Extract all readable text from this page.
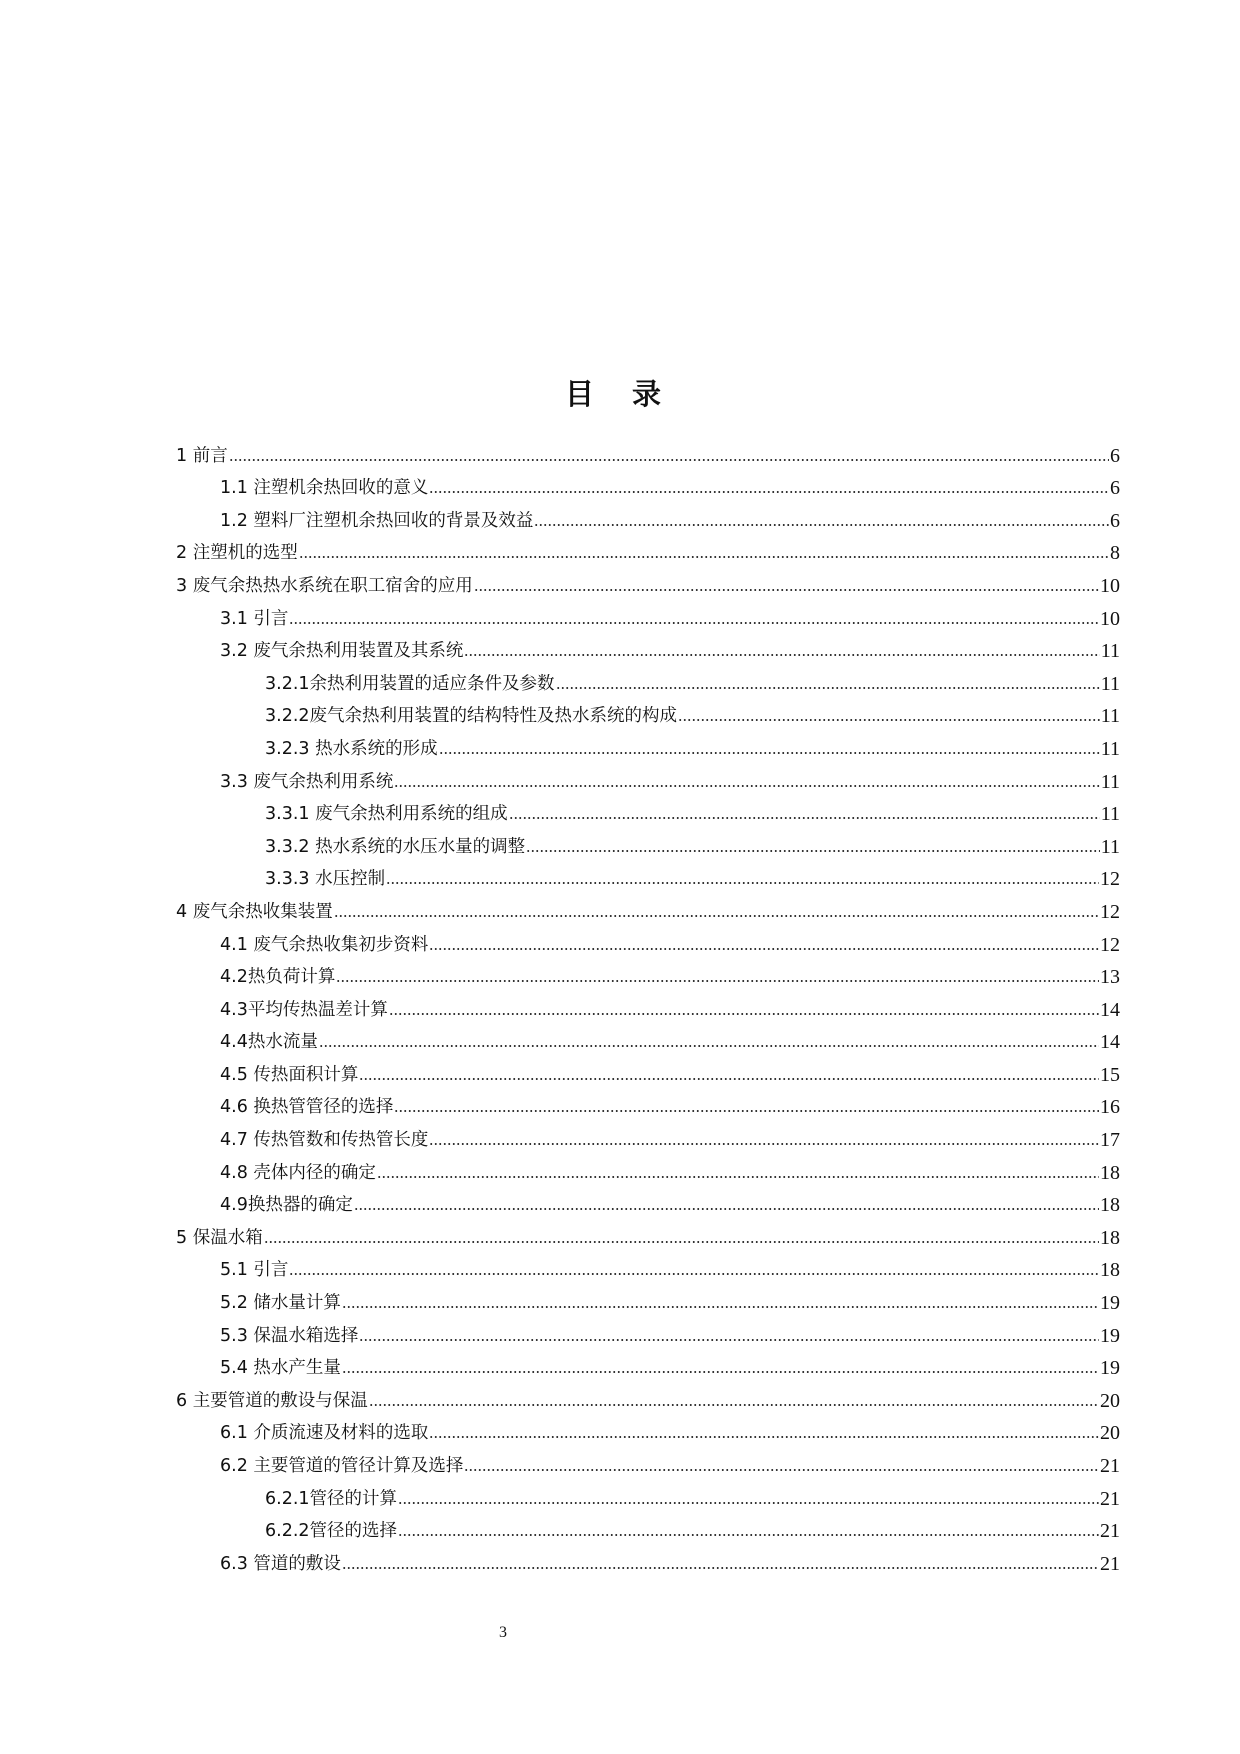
目 录
1 前言	6
1.1 注塑机余热回收的意义	6
1.2 塑料厂注塑机余热回收的背景及效益	6
2 注塑机的选型	8
3 废气余热热水系统在职工宿舍的应用	10
3.1 引言	10
3.2 废气余热利用装置及其系统	11
3.2.1余热利用装置的适应条件及参数	11
3.2.2废气余热利用装置的结构特性及热水系统的构成	11
3.2.3 热水系统的形成	11
3.3 废气余热利用系统	11
3.3.1 废气余热利用系统的组成	11
3.3.2 热水系统的水压水量的调整	11
3.3.3 水压控制	12
4 废气余热收集装置	12
4.1 废气余热收集初步资料	12
4.2热负荷计算	13
4.3平均传热温差计算	14
4.4热水流量	14
4.5 传热面积计算	15
4.6 换热管管径的选择	16
4.7 传热管数和传热管长度	17
4.8 壳体内径的确定	18
4.9换热器的确定	18
5 保温水箱	18
5.1 引言	18
5.2 储水量计算	19
5.3 保温水箱选择	19
5.4 热水产生量	19
6 主要管道的敷设与保温	20
6.1 介质流速及材料的选取	20
6.2 主要管道的管径计算及选择	21
6.2.1管径的计算	21
6.2.2管径的选择	21
6.3 管道的敷设	21
3
